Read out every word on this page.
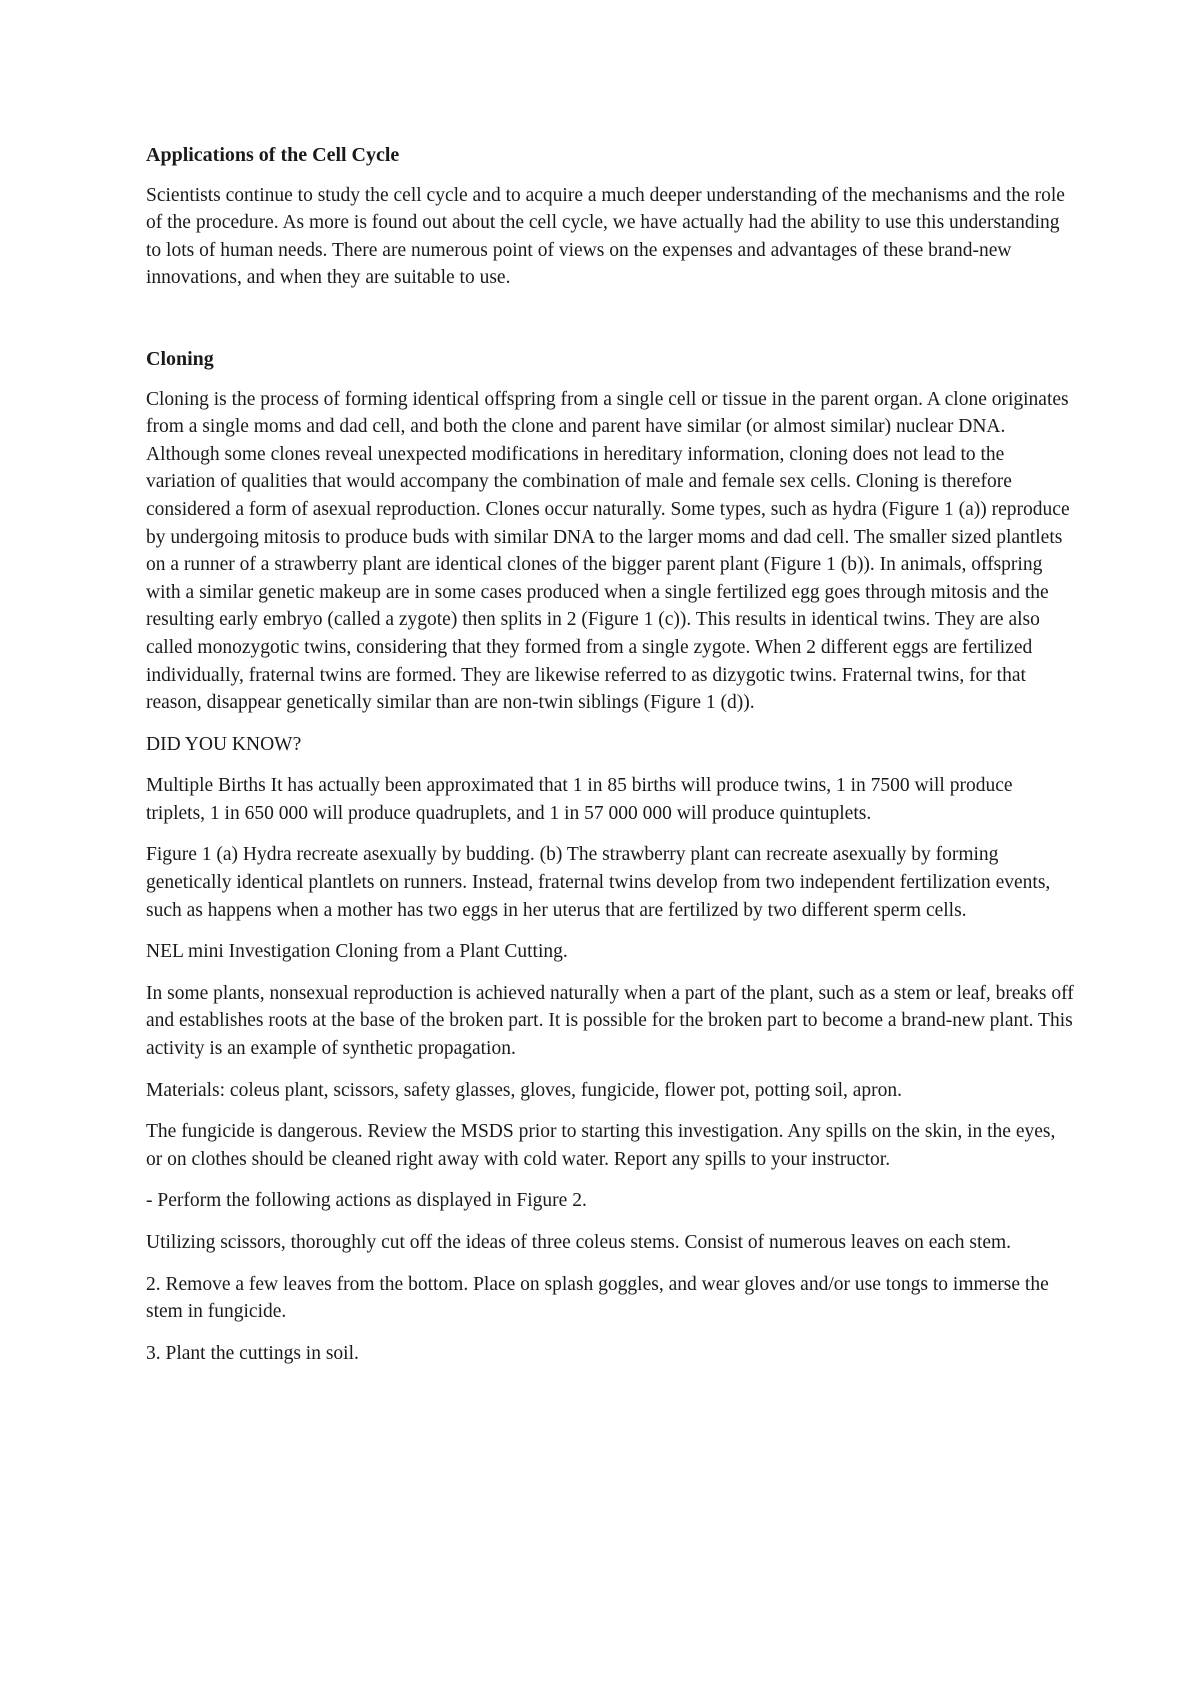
Applications of the Cell Cycle

Scientists continue to study the cell cycle and to acquire a much deeper understanding of the mechanisms and the role of the procedure. As more is found out about the cell cycle, we have actually had the ability to use this understanding to lots of human needs. There are numerous point of views on the expenses and advantages of these brand-new innovations, and when they are suitable to use.

Cloning

Cloning is the process of forming identical offspring from a single cell or tissue in the parent organ. A clone originates from a single moms and dad cell, and both the clone and parent have similar (or almost similar) nuclear DNA. Although some clones reveal unexpected modifications in hereditary information, cloning does not lead to the variation of qualities that would accompany the combination of male and female sex cells. Cloning is therefore considered a form of asexual reproduction. Clones occur naturally. Some types, such as hydra (Figure 1 (a)) reproduce by undergoing mitosis to produce buds with similar DNA to the larger moms and dad cell. The smaller sized plantlets on a runner of a strawberry plant are identical clones of the bigger parent plant (Figure 1 (b)). In animals, offspring with a similar genetic makeup are in some cases produced when a single fertilized egg goes through mitosis and the resulting early embryo (called a zygote) then splits in 2 (Figure 1 (c)). This results in identical twins. They are also called monozygotic twins, considering that they formed from a single zygote. When 2 different eggs are fertilized individually, fraternal twins are formed. They are likewise referred to as dizygotic twins. Fraternal twins, for that reason, disappear genetically similar than are non-twin siblings (Figure 1 (d)).

DID YOU KNOW?

Multiple Births It has actually been approximated that 1 in 85 births will produce twins, 1 in 7500 will produce triplets, 1 in 650 000 will produce quadruplets, and 1 in 57 000 000 will produce quintuplets.

Figure 1 (a) Hydra recreate asexually by budding. (b) The strawberry plant can recreate asexually by forming genetically identical plantlets on runners. Instead, fraternal twins develop from two independent fertilization events, such as happens when a mother has two eggs in her uterus that are fertilized by two different sperm cells.

NEL mini Investigation Cloning from a Plant Cutting.

In some plants, nonsexual reproduction is achieved naturally when a part of the plant, such as a stem or leaf, breaks off and establishes roots at the base of the broken part. It is possible for the broken part to become a brand-new plant. This activity is an example of synthetic propagation.

Materials: coleus plant, scissors, safety glasses, gloves, fungicide, flower pot, potting soil, apron.

The fungicide is dangerous. Review the MSDS prior to starting this investigation. Any spills on the skin, in the eyes, or on clothes should be cleaned right away with cold water. Report any spills to your instructor.

- Perform the following actions as displayed in Figure 2.

Utilizing scissors, thoroughly cut off the ideas of three coleus stems. Consist of numerous leaves on each stem.

2. Remove a few leaves from the bottom. Place on splash goggles, and wear gloves and/or use tongs to immerse the stem in fungicide.

3. Plant the cuttings in soil.
